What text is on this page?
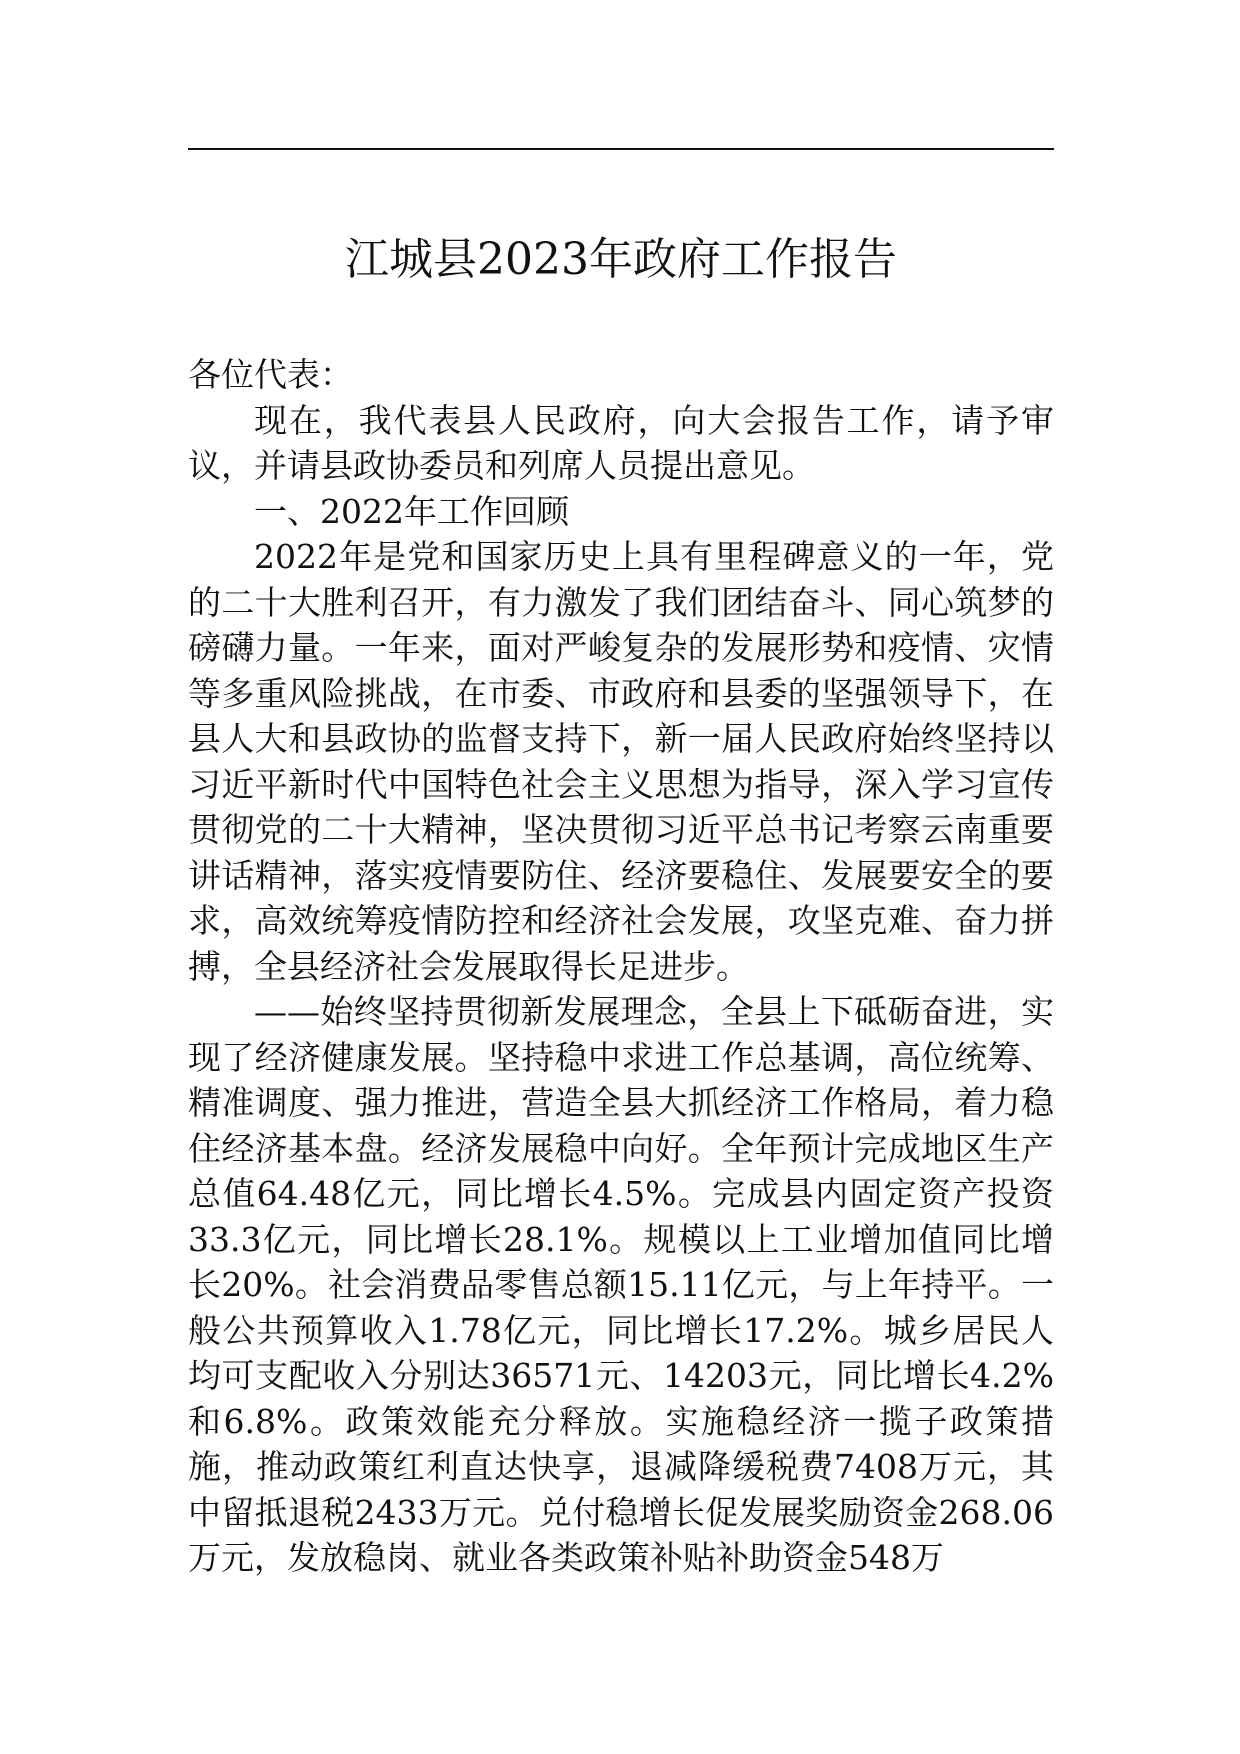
江城县2023年政府工作报告

各位代表：

现在，我代表县人民政府，向大会报告工作，请予审议，并请县政协委员和列席人员提出意见。

一、2022年工作回顾

2022年是党和国家历史上具有里程碑意义的一年，党的二十大胜利召开，有力激发了我们团结奋斗、同心筑梦的磅礴力量。一年来，面对严峻复杂的发展形势和疫情、灾情等多重风险挑战，在市委、市政府和县委的坚强领导下，在县人大和县政协的监督支持下，新一届人民政府始终坚持以习近平新时代中国特色社会主义思想为指导，深入学习宣传贯彻党的二十大精神，坚决贯彻习近平总书记考察云南重要讲话精神，落实疫情要防住、经济要稳住、发展要安全的要求，高效统筹疫情防控和经济社会发展，攻坚克难、奋力拼搏，全县经济社会发展取得长足进步。

——始终坚持贯彻新发展理念，全县上下砥砺奋进，实现了经济健康发展。坚持稳中求进工作总基调，高位统筹、精准调度、强力推进，营造全县大抓经济工作格局，着力稳住经济基本盘。经济发展稳中向好。全年预计完成地区生产总值64.48亿元，同比增长4.5%。完成县内固定资产投资33.3亿元，同比增长28.1%。规模以上工业增加值同比增长20%。社会消费品零售总额15.11亿元，与上年持平。一般公共预算收入1.78亿元，同比增长17.2%。城乡居民人均可支配收入分别达36571元、14203元，同比增长4.2%和6.8%。政策效能充分释放。实施稳经济一揽子政策措施，推动政策红利直达快享，退减降缓税费7408万元，其中留抵退税2433万元。兑付稳增长促发展奖励资金268.06万元，发放稳岗、就业各类政策补贴补助资金548万
